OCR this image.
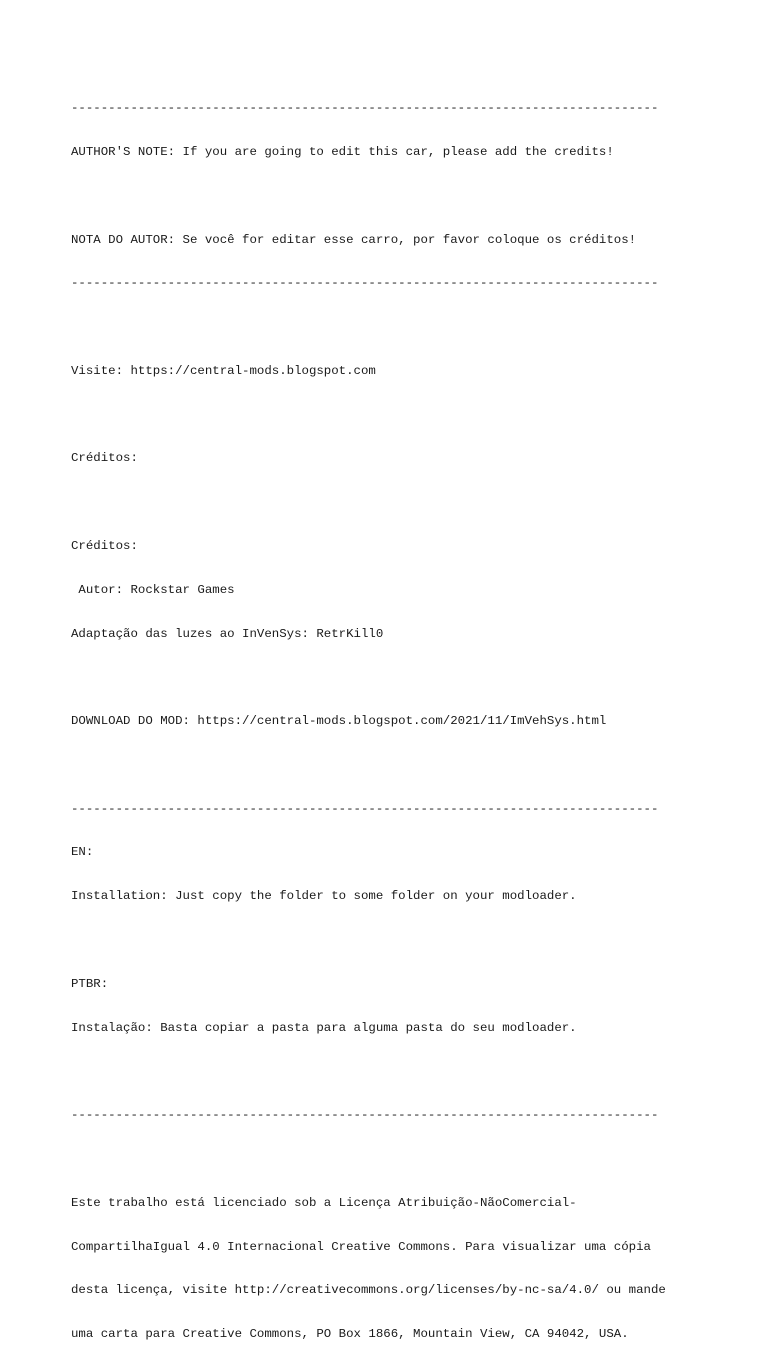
-------------------------------------------------------------------------------

AUTHOR'S NOTE: If you are going to edit this car, please add the credits!

NOTA DO AUTOR: Se você for editar esse carro, por favor coloque os créditos!

-------------------------------------------------------------------------------

Visite: https://central-mods.blogspot.com

Créditos:

Créditos:

Autor: Rockstar Games

Adaptação das luzes ao InVenSys: RetrKill0

DOWNLOAD DO MOD: https://central-mods.blogspot.com/2021/11/ImVehSys.html

-------------------------------------------------------------------------------

EN:

Installation: Just copy the folder to some folder on your modloader.

PTBR:

Instalação: Basta copiar a pasta para alguma pasta do seu modloader.

-------------------------------------------------------------------------------

Este trabalho está licenciado sob a Licença Atribuição-NãoComercial-

CompartilhaIgual 4.0 Internacional Creative Commons. Para visualizar uma cópia

desta licença, visite http://creativecommons.org/licenses/by-nc-sa/4.0/ ou mande

uma carta para Creative Commons, PO Box 1866, Mountain View, CA 94042, USA.
